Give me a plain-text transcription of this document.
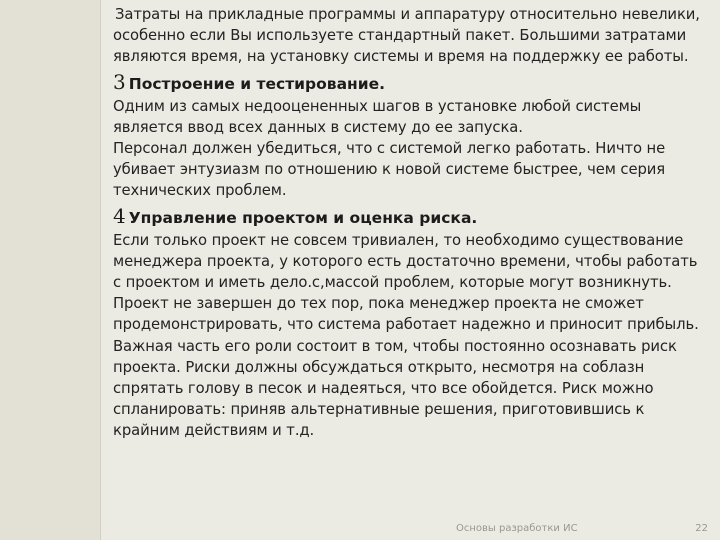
Затраты на прикладные программы и аппаратуру относительно невелики, особенно если Вы используете стандартный пакет. Большими затратами являются время, на установку системы и время на поддержку ее работы.

3 Построение и тестирование.

Одним из самых недооцененных шагов в установке любой системы является ввод всех данных в систему до ее запуска.

Персонал должен убедиться, что с системой легко работать. Ничто не убивает энтузиазм по отношению к новой системе быстрее, чем серия технических проблем.

4 Управление проектом и оценка риска.

Если только проект не совсем тривиален, то необходимо существование менеджера проекта, у которого есть достаточно времени, чтобы работать с проектом и иметь дело.с,массой проблем, которые могут возникнуть. Проект не завершен до тех пор, пока менеджер проекта не сможет продемонстрировать, что система работает надежно и приносит прибыль. Важная часть его роли состоит в том, чтобы постоянно осознавать риск проекта. Риски должны обсуждаться открыто, несмотря на соблазн спрятать голову в песок и надеяться, что все обойдется. Риск можно спланировать: приняв альтернативные решения, приготовившись к крайним действиям и т.д.

Основы разработки ИС	22
